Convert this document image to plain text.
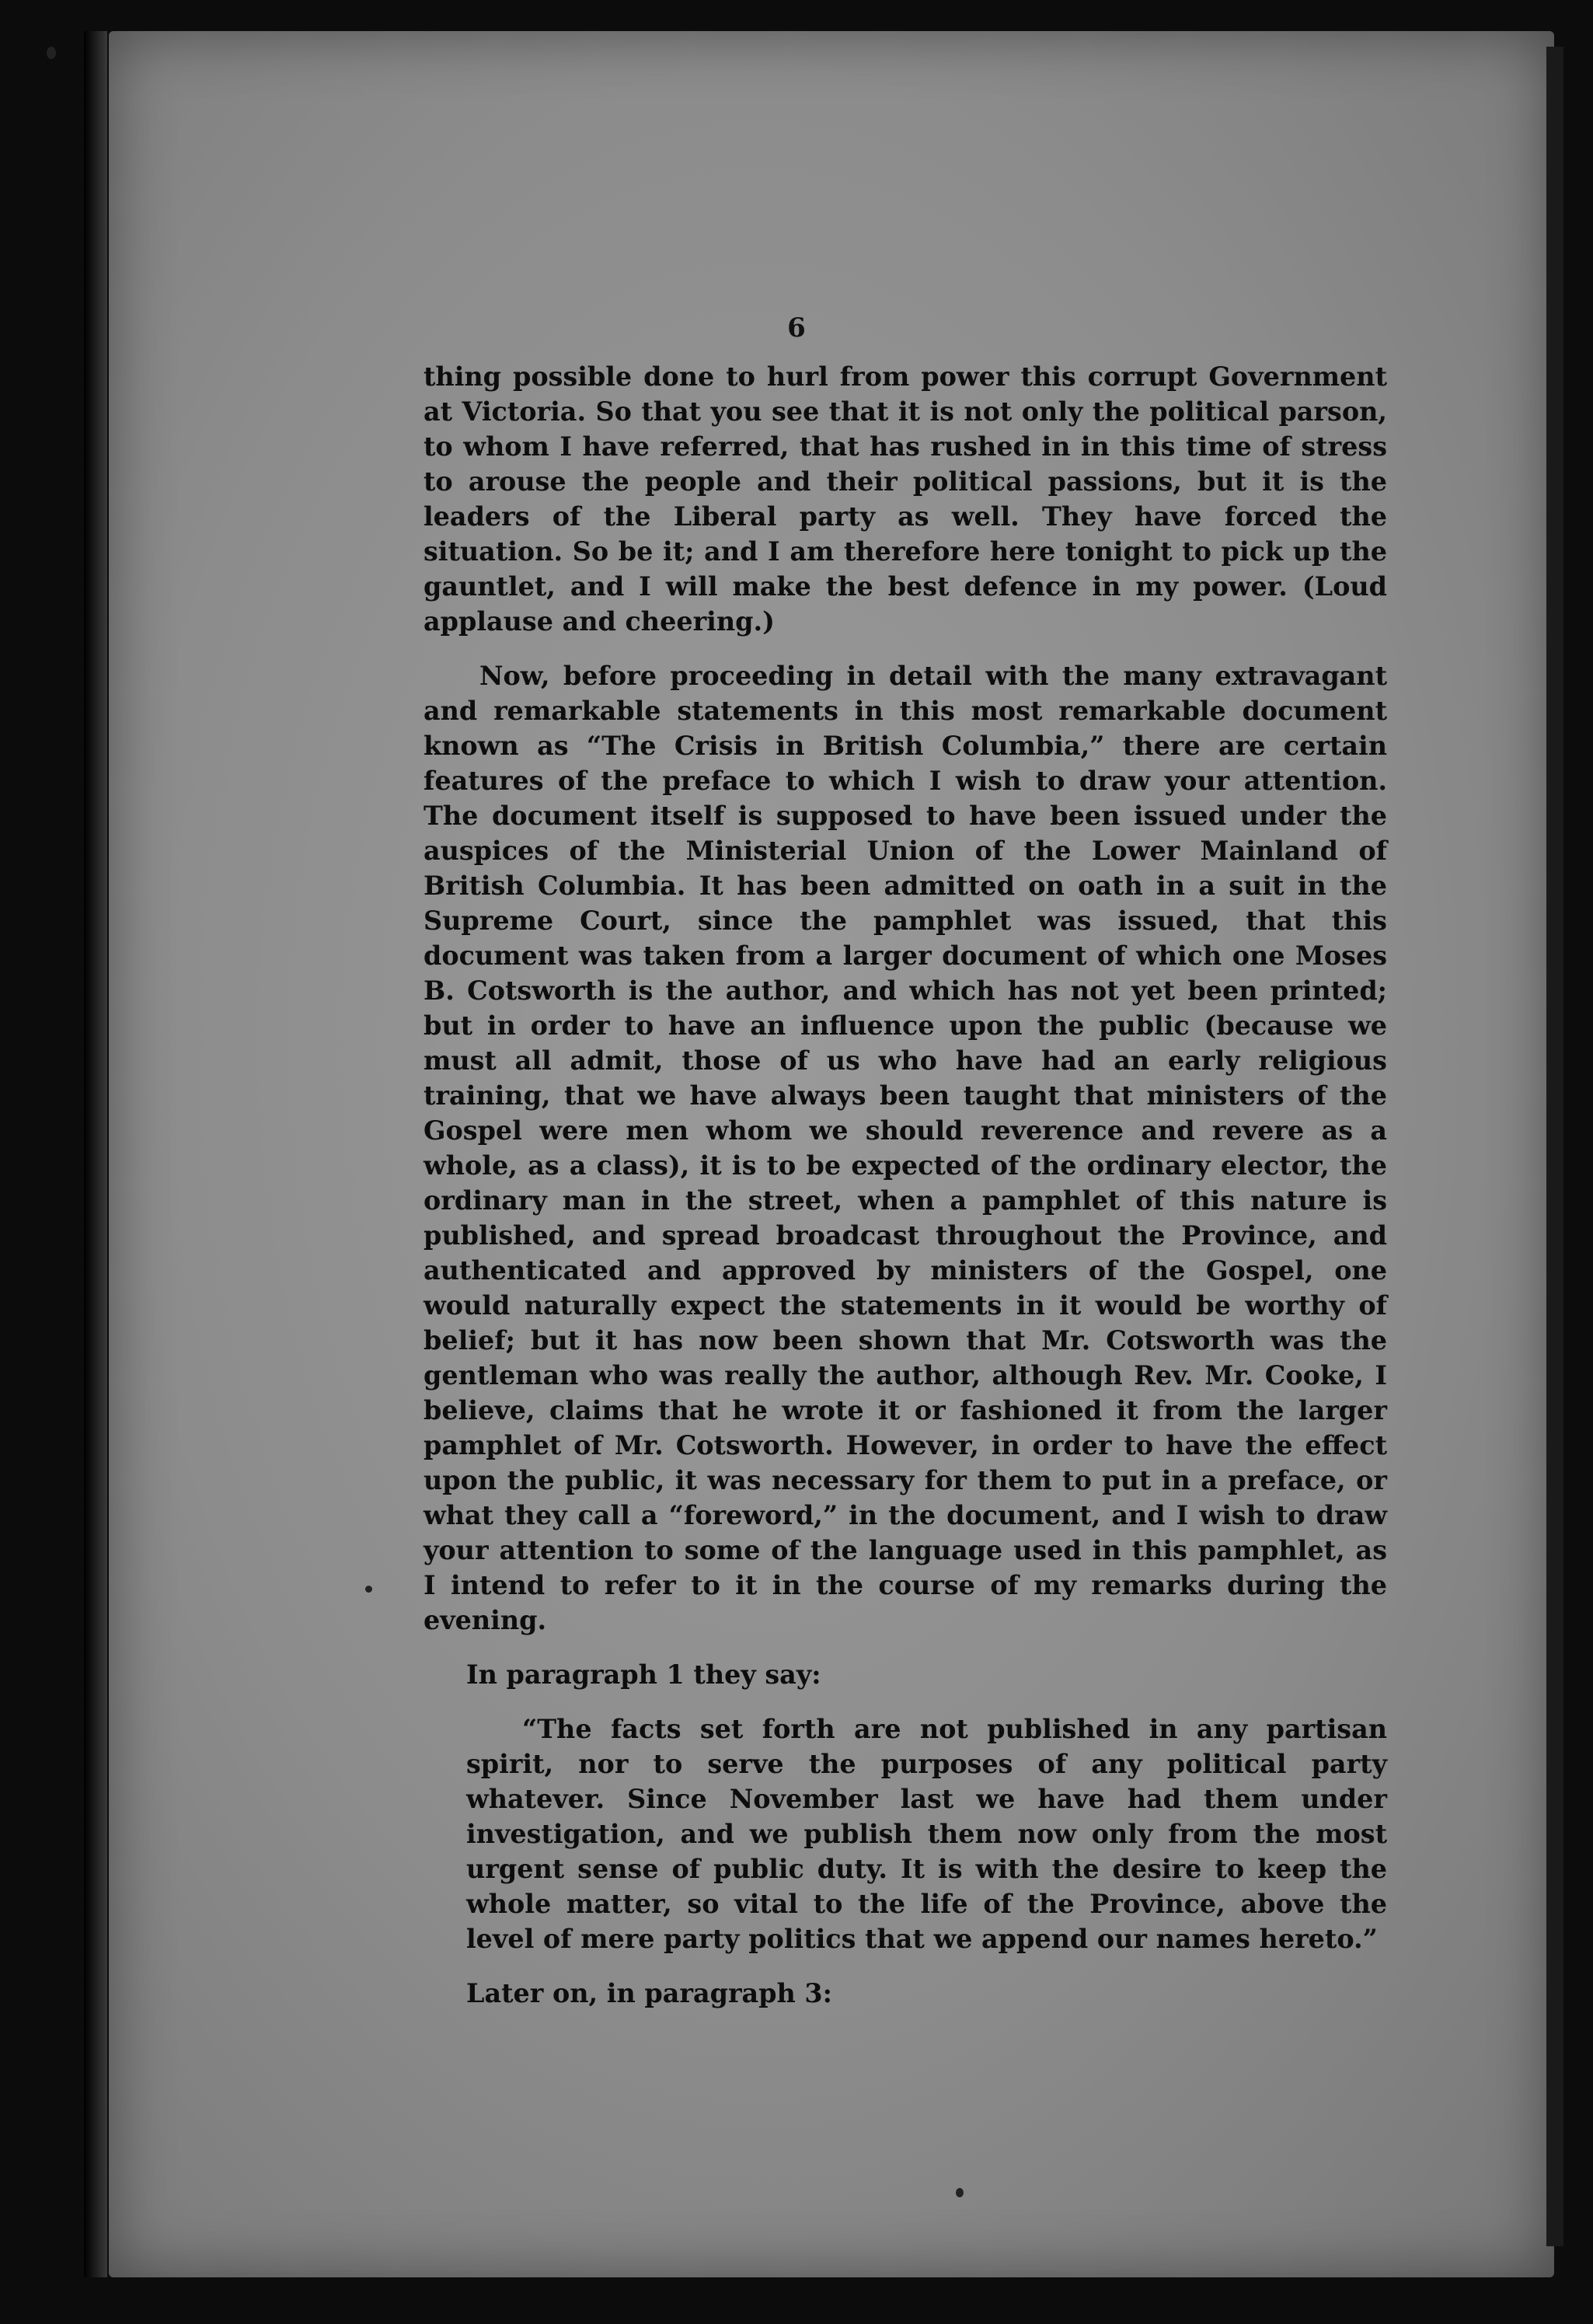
6

thing possible done to hurl from power this corrupt Government at Victoria. So that you see that it is not only the political parson, to whom I have referred, that has rushed in in this time of stress to arouse the people and their political passions, but it is the leaders of the Liberal party as well. They have forced the situation. So be it; and I am therefore here tonight to pick up the gauntlet, and I will make the best defence in my power. (Loud applause and cheering.)

Now, before proceeding in detail with the many extravagant and remarkable statements in this most remarkable document known as “The Crisis in British Columbia,” there are certain features of the preface to which I wish to draw your attention. The document itself is supposed to have been issued under the auspices of the Ministerial Union of the Lower Mainland of British Columbia. It has been admitted on oath in a suit in the Supreme Court, since the pamphlet was issued, that this document was taken from a larger document of which one Moses B. Cotsworth is the author, and which has not yet been printed; but in order to have an influence upon the public (because we must all admit, those of us who have had an early religious training, that we have always been taught that ministers of the Gospel were men whom we should reverence and revere as a whole, as a class), it is to be expected of the ordinary elector, the ordinary man in the street, when a pamphlet of this nature is published, and spread broadcast throughout the Province, and authenticated and approved by ministers of the Gospel, one would naturally expect the statements in it would be worthy of belief; but it has now been shown that Mr. Cotsworth was the gentleman who was really the author, although Rev. Mr. Cooke, I believe, claims that he wrote it or fashioned it from the larger pamphlet of Mr. Cotsworth. However, in order to have the effect upon the public, it was necessary for them to put in a preface, or what they call a “foreword,” in the document, and I wish to draw your attention to some of the language used in this pamphlet, as I intend to refer to it in the course of my remarks during the evening.

In paragraph 1 they say:

“The facts set forth are not published in any partisan spirit, nor to serve the purposes of any political party whatever. Since November last we have had them under investigation, and we publish them now only from the most urgent sense of public duty. It is with the desire to keep the whole matter, so vital to the life of the Province, above the level of mere party politics that we append our names hereto.”

Later on, in paragraph 3:
